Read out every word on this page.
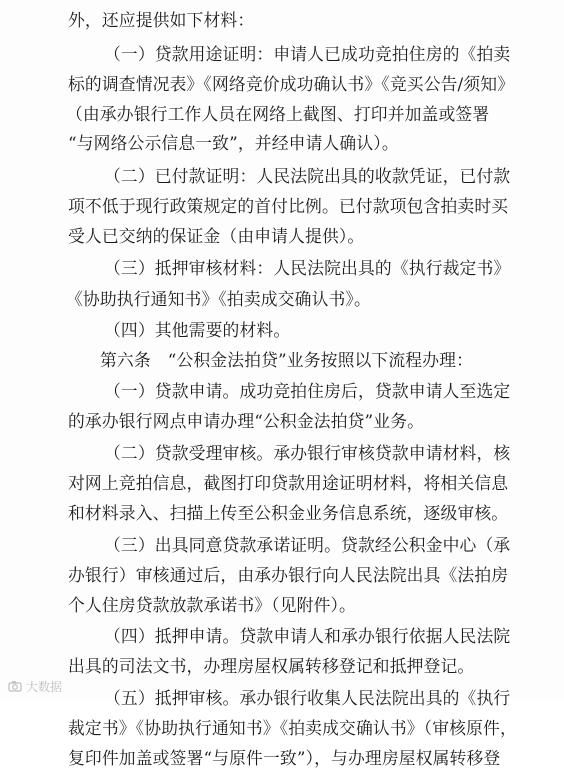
外，还应提供如下材料：
（一）贷款用途证明：申请人已成功竞拍住房的《拍卖
标的调查情况表》《网络竞价成功确认书》《竞买公告/须知》
（由承办银行工作人员在网络上截图、打印并加盖或签署
“与网络公示信息一致”，并经申请人确认）。
（二）已付款证明：人民法院出具的收款凭证，已付款
项不低于现行政策规定的首付比例。已付款项包含拍卖时买
受人已交纳的保证金（由申请人提供）。
（三）抵押审核材料：人民法院出具的《执行裁定书》
《协助执行通知书》《拍卖成交确认书》。
（四）其他需要的材料。
第六条　“公积金法拍贷”业务按照以下流程办理：
（一）贷款申请。成功竞拍住房后，贷款申请人至选定
的承办银行网点申请办理“公积金法拍贷”业务。
（二）贷款受理审核。承办银行审核贷款申请材料，核
对网上竞拍信息，截图打印贷款用途证明材料，将相关信息
和材料录入、扫描上传至公积金业务信息系统，逐级审核。
（三）出具同意贷款承诺证明。贷款经公积金中心（承
办银行）审核通过后，由承办银行向人民法院出具《法拍房
个人住房贷款放款承诺书》（见附件）。
（四）抵押申请。贷款申请人和承办银行依据人民法院
出具的司法文书，办理房屋权属转移登记和抵押登记。
（五）抵押审核。承办银行收集人民法院出具的《执行
裁定书》《协助执行通知书》《拍卖成交确认书》（审核原件，
复印件加盖或签署“与原件一致”），与办理房屋权属转移登
大数据
